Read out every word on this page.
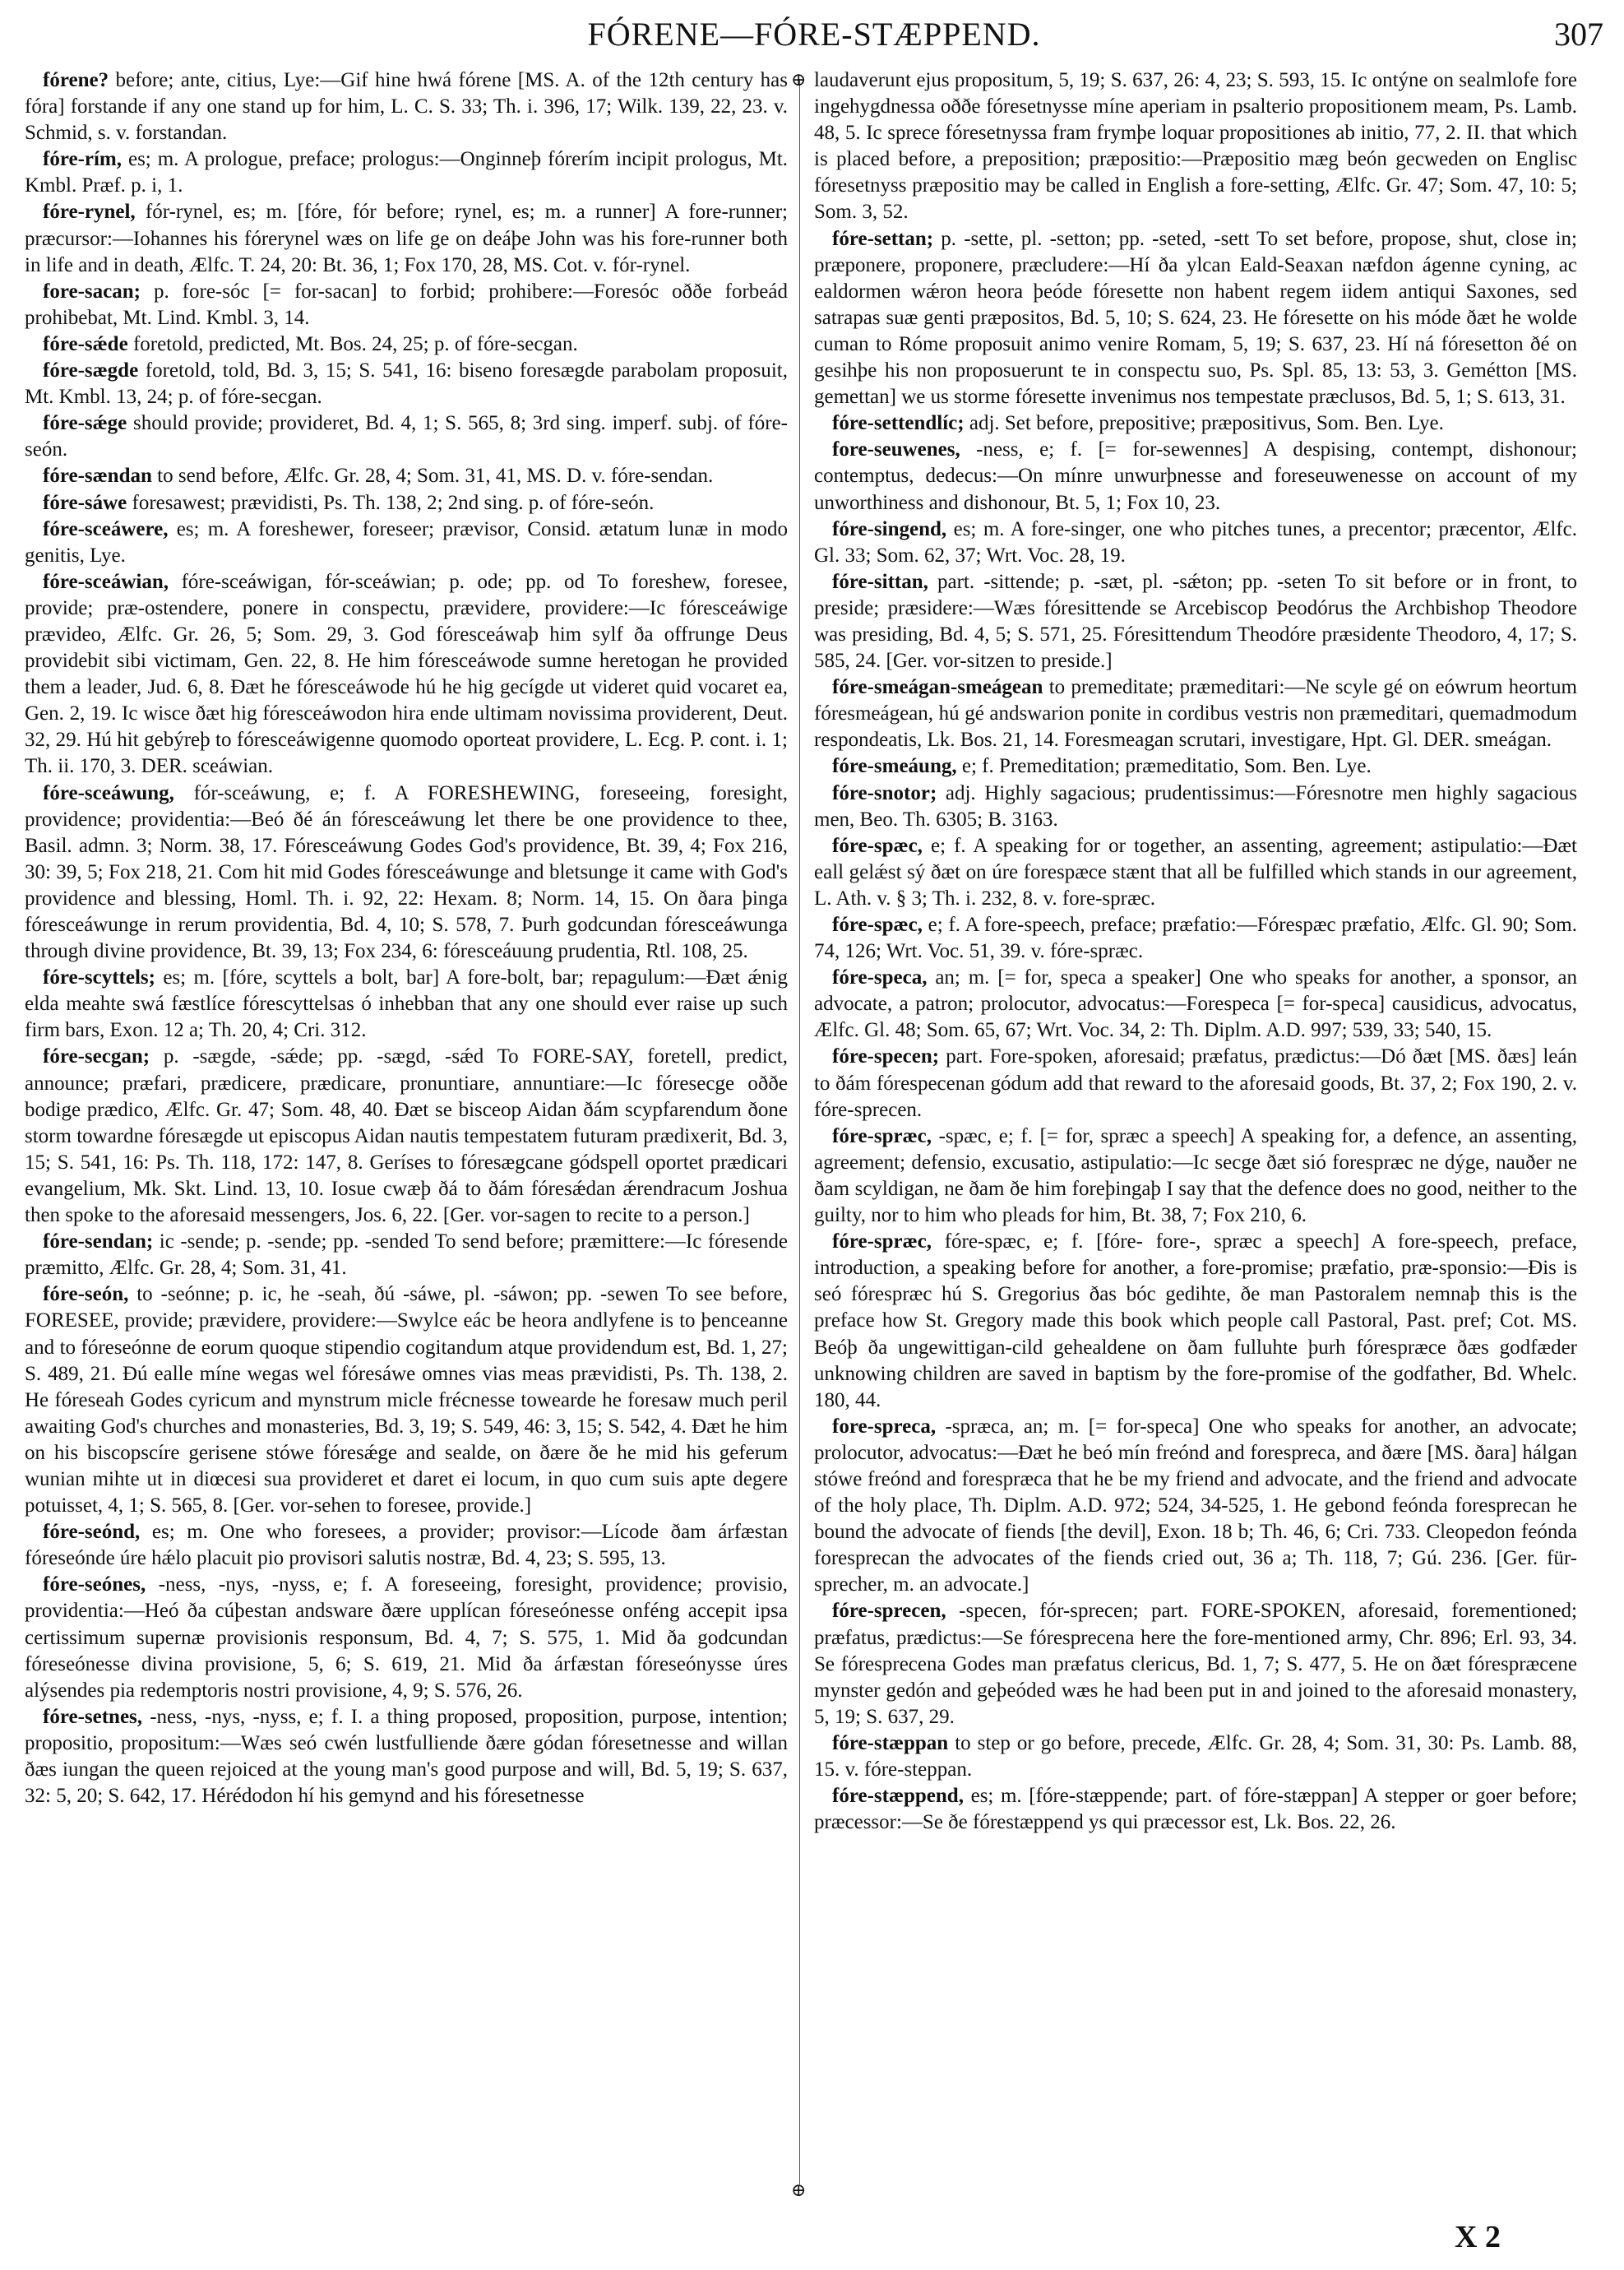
FÓRENE—FÓRE-STÆPPEND.	307

fórene? before; ante, citius, Lye:—Gif hine hwá fórene [MS. A. of the 12th century has fóra] forstande if any one stand up for him, L. C. S. 33; Th. i. 396, 17; Wilk. 139, 22, 23. v. Schmid, s. v. forstandan.

fóre-rím, es; m. A prologue, preface; prologus:—Onginneþ fórerím incipit prologus, Mt. Kmbl. Præf. p. i, 1.

fóre-rynel, fór-rynel, es; m. [fóre, fór before; rynel, es; m. a runner] A fore-runner; præcursor:—Iohannes his fórerynel wæs on life ge on deáþe John was his fore-runner both in life and in death, Ælfc. T. 24, 20: Bt. 36, 1; Fox 170, 28, MS. Cot. v. fór-rynel.

fore-sacan; p. fore-sóc [= for-sacan] to forbid; prohibere:—Foresóc oððe forbeád prohibebat, Mt. Lind. Kmbl. 3, 14.

fóre-sǽde foretold, predicted, Mt. Bos. 24, 25; p. of fóre-secgan.

fóre-sægde foretold, told, Bd. 3, 15; S. 541, 16: biseno foresægde parabolam proposuit, Mt. Kmbl. 13, 24; p. of fóre-secgan.

fóre-sǽge should provide; provideret, Bd. 4, 1; S. 565, 8; 3rd sing. imperf. subj. of fóre-seón.

fóre-sændan to send before, Ælfc. Gr. 28, 4; Som. 31, 41, MS. D. v. fóre-sendan.

fóre-sáwe foresawest; prævidisti, Ps. Th. 138, 2; 2nd sing. p. of fóre-seón.

fóre-sceáwere, es; m. A foreshewer, foreseer; prævisor, Consid. ætatum lunæ in modo genitis, Lye.

fóre-sceáwian, fóre-sceáwigan, fór-sceáwian; p. ode; pp. od To foreshew, foresee, provide; præ-ostendere, ponere in conspectu, prævidere, providere:—Ic fóresceáwige prævideo, Ælfc. Gr. 26, 5; Som. 29, 3. God fóresceáwaþ him sylf ða offrunge Deus providebit sibi victimam, Gen. 22, 8. He him fóresceáwode sumne heretogan he provided them a leader, Jud. 6, 8. Ðæt he fóresceáwode hú he hig gecígde ut videret quid vocaret ea, Gen. 2, 19. Ic wisce ðæt hig fóresceáwodon hira ende ultimam novissima providerent, Deut. 32, 29. Hú hit gebýreþ to fóresceáwigenne quomodo oporteat providere, L. Ecg. P. cont. i. 1; Th. ii. 170, 3. DER. sceáwian.

fóre-sceáwung, fór-sceáwung, e; f. A FORESHEWING, foreseeing, foresight, providence; providentia:—Beó ðé án fóresceáwung let there be one providence to thee, Basil. admn. 3; Norm. 38, 17. Fóresceáwung Godes God's providence, Bt. 39, 4; Fox 216, 30: 39, 5; Fox 218, 21. Com hit mid Godes fóresceáwunge and bletsunge it came with God's providence and blessing, Homl. Th. i. 92, 22: Hexam. 8; Norm. 14, 15. On ðara þinga fóresceáwunge in rerum providentia, Bd. 4, 10; S. 578, 7. Þurh godcundan fóresceáwunga through divine providence, Bt. 39, 13; Fox 234, 6: fóresceáuung prudentia, Rtl. 108, 25.

fóre-scyttels; es; m. [fóre, scyttels a bolt, bar] A fore-bolt, bar; repagulum:—Ðæt ǽnig elda meahte swá fæstlíce fórescyttelsas ó inhebban that any one should ever raise up such firm bars, Exon. 12 a; Th. 20, 4; Cri. 312.

fóre-secgan; p. -sægde, -sǽde; pp. -sægd, -sǽd To FORE-SAY, foretell, predict, announce; præfari, prædicere, prædicare, pronuntiare, annuntiare:—Ic fóresecge oððe bodige prædico, Ælfc. Gr. 47; Som. 48, 40. Ðæt se bisceop Aidan ðám scypfarendum ðone storm towardne fóresægde ut episcopus Aidan nautis tempestatem futuram prædixerit, Bd. 3, 15; S. 541, 16: Ps. Th. 118, 172: 147, 8. Geríses to fóresægcane gódspell oportet prædicari evangelium, Mk. Skt. Lind. 13, 10. Iosue cwæþ ðá to ðám fóresǽdan ǽrendracum Joshua then spoke to the aforesaid messengers, Jos. 6, 22. [Ger. vor-sagen to recite to a person.]

fóre-sendan; ic -sende; p. -sende; pp. -sended To send before; præmittere:—Ic fóresende præmitto, Ælfc. Gr. 28, 4; Som. 31, 41.

fóre-seón, to -seónne; p. ic, he -seah, ðú -sáwe, pl. -sáwon; pp. -sewen To see before, FORESEE, provide; prævidere, providere:—Swylce eác be heora andlyfene is to þenceanne and to fóreseónne de eorum quoque stipendio cogitandum atque providendum est, Bd. 1, 27; S. 489, 21. Ðú ealle míne wegas wel fóresáwe omnes vias meas prævidisti, Ps. Th. 138, 2. He fóreseah Godes cyricum and mynstrum micle frécnesse towearde he foresaw much peril awaiting God's churches and monasteries, Bd. 3, 19; S. 549, 46: 3, 15; S. 542, 4. Ðæt he him on his biscopscíre gerisene stówe fóresǽge and sealde, on ðære ðe he mid his geferum wunian mihte ut in diœcesi sua provideret et daret ei locum, in quo cum suis apte degere potuisset, 4, 1; S. 565, 8. [Ger. vor-sehen to foresee, provide.]

fóre-seónd, es; m. One who foresees, a provider; provisor:—Lícode ðam árfæstan fóreseónde úre hǽlo placuit pio provisori salutis nostræ, Bd. 4, 23; S. 595, 13.

fóre-seónes, -ness, -nys, -nyss, e; f. A foreseeing, foresight, providence; provisio, providentia:—Heó ða cúþestan andsware ðære upplícan fóreseónesse onféng accepit ipsa certissimum supernæ provisionis responsum, Bd. 4, 7; S. 575, 1. Mid ða godcundan fóreseónesse divina provisione, 5, 6; S. 619, 21. Mid ða árfæstan fóreseónysse úres alýsendes pia redemptoris nostri provisione, 4, 9; S. 576, 26.

fóre-setnes, -ness, -nys, -nyss, e; f. I. a thing proposed, proposition, purpose, intention; propositio, propositum:—Wæs seó cwén lustfulliende ðære gódan fóresetnesse and willan ðæs iungan the queen rejoiced at the young man's good purpose and will, Bd. 5, 19; S. 637, 32: 5, 20; S. 642, 17. Hérédodon hí his gemynd and his fóresetnesse

⊕
⊕

laudaverunt ejus propositum, 5, 19; S. 637, 26: 4, 23; S. 593, 15. Ic ontýne on sealmlofe fore ingehygdnessa oððe fóresetnysse míne aperiam in psalterio propositionem meam, Ps. Lamb. 48, 5. Ic sprece fóresetnyssa fram frymþe loquar propositiones ab initio, 77, 2. II. that which is placed before, a preposition; præpositio:—Præpositio mæg beón gecweden on Englisc fóresetnyss præpositio may be called in English a fore-setting, Ælfc. Gr. 47; Som. 47, 10: 5; Som. 3, 52.

fóre-settan; p. -sette, pl. -setton; pp. -seted, -sett To set before, propose, shut, close in; præponere, proponere, præcludere:—Hí ða ylcan Eald-Seaxan næfdon ágenne cyning, ac ealdormen wǽron heora þeóde fóresette non habent regem iidem antiqui Saxones, sed satrapas suæ genti præpositos, Bd. 5, 10; S. 624, 23. He fóresette on his móde ðæt he wolde cuman to Róme proposuit animo venire Romam, 5, 19; S. 637, 23. Hí ná fóresetton ðé on gesihþe his non proposuerunt te in conspectu suo, Ps. Spl. 85, 13: 53, 3. Gemétton [MS. gemettan] we us storme fóresette invenimus nos tempestate præclusos, Bd. 5, 1; S. 613, 31.

fóre-settendlíc; adj. Set before, prepositive; præpositivus, Som. Ben. Lye.

fore-seuwenes, -ness, e; f. [= for-sewennes] A despising, contempt, dishonour; contemptus, dedecus:—On mínre unwurþnesse and foreseuwenesse on account of my unworthiness and dishonour, Bt. 5, 1; Fox 10, 23.

fóre-singend, es; m. A fore-singer, one who pitches tunes, a precentor; præcentor, Ælfc. Gl. 33; Som. 62, 37; Wrt. Voc. 28, 19.

fóre-sittan, part. -sittende; p. -sæt, pl. -sǽton; pp. -seten To sit before or in front, to preside; præsidere:—Wæs fóresittende se Arcebiscop Þeodórus the Archbishop Theodore was presiding, Bd. 4, 5; S. 571, 25. Fóresittendum Theodóre præsidente Theodoro, 4, 17; S. 585, 24. [Ger. vor-sitzen to preside.]

fóre-smeágan-smeágean to premeditate; præmeditari:—Ne scyle gé on eówrum heortum fóresmeágean, hú gé andswarion ponite in cordibus vestris non præmeditari, quemadmodum respondeatis, Lk. Bos. 21, 14. Foresmeagan scrutari, investigare, Hpt. Gl. DER. smeágan.

fóre-smeáung, e; f. Premeditation; præmeditatio, Som. Ben. Lye.

fóre-snotor; adj. Highly sagacious; prudentissimus:—Fóresnotre men highly sagacious men, Beo. Th. 6305; B. 3163.

fóre-spæc, e; f. A speaking for or together, an assenting, agreement; astipulatio:—Ðæt eall gelǽst sý ðæt on úre forespæce stænt that all be fulfilled which stands in our agreement, L. Ath. v. § 3; Th. i. 232, 8. v. fore-spræc.

fóre-spæc, e; f. A fore-speech, preface; præfatio:—Fórespæc præfatio, Ælfc. Gl. 90; Som. 74, 126; Wrt. Voc. 51, 39. v. fóre-spræc.

fóre-speca, an; m. [= for, speca a speaker] One who speaks for another, a sponsor, an advocate, a patron; prolocutor, advocatus:—Forespeca [= for-speca] causidicus, advocatus, Ælfc. Gl. 48; Som. 65, 67; Wrt. Voc. 34, 2: Th. Diplm. A.D. 997; 539, 33; 540, 15.

fóre-specen; part. Fore-spoken, aforesaid; præfatus, prædictus:—Dó ðæt [MS. ðæs] leán to ðám fórespecenan gódum add that reward to the aforesaid goods, Bt. 37, 2; Fox 190, 2. v. fóre-sprecen.

fóre-spræc, -spæc, e; f. [= for, spræc a speech] A speaking for, a defence, an assenting, agreement; defensio, excusatio, astipulatio:—Ic secge ðæt sió forespræc ne dýge, nauðer ne ðam scyldigan, ne ðam ðe him foreþingaþ I say that the defence does no good, neither to the guilty, nor to him who pleads for him, Bt. 38, 7; Fox 210, 6.

fóre-spræc, fóre-spæc, e; f. [fóre- fore-, spræc a speech] A fore-speech, preface, introduction, a speaking before for another, a fore-promise; præfatio, præ-sponsio:—Ðis is seó fórespræc hú S. Gregorius ðas bóc gedihte, ðe man Pastoralem nemnaþ this is the preface how St. Gregory made this book which people call Pastoral, Past. pref; Cot. MS. Beóþ ða ungewittigan-cild gehealdene on ðam fulluhte þurh fórespræce ðæs godfæder unknowing children are saved in baptism by the fore-promise of the godfather, Bd. Whelc. 180, 44.

fore-spreca, -spræca, an; m. [= for-speca] One who speaks for another, an advocate; prolocutor, advocatus:—Ðæt he beó mín freónd and forespreca, and ðære [MS. ðara] hálgan stówe freónd and forespræca that he be my friend and advocate, and the friend and advocate of the holy place, Th. Diplm. A.D. 972; 524, 34-525, 1. He gebond feónda foresprecan he bound the advocate of fiends [the devil], Exon. 18 b; Th. 46, 6; Cri. 733. Cleopedon feónda foresprecan the advocates of the fiends cried out, 36 a; Th. 118, 7; Gú. 236. [Ger. für-sprecher, m. an advocate.]

fóre-sprecen, -specen, fór-sprecen; part. FORE-SPOKEN, aforesaid, forementioned; præfatus, prædictus:—Se fóresprecena here the fore-mentioned army, Chr. 896; Erl. 93, 34. Se fóresprecena Godes man præfatus clericus, Bd. 1, 7; S. 477, 5. He on ðæt fórespræcene mynster gedón and geþeóded wæs he had been put in and joined to the aforesaid monastery, 5, 19; S. 637, 29.

fóre-stæppan to step or go before, precede, Ælfc. Gr. 28, 4; Som. 31, 30: Ps. Lamb. 88, 15. v. fóre-steppan.

fóre-stæppend, es; m. [fóre-stæppende; part. of fóre-stæppan] A stepper or goer before; præcessor:—Se ðe fórestæppend ys qui præcessor est, Lk. Bos. 22, 26.

X 2
